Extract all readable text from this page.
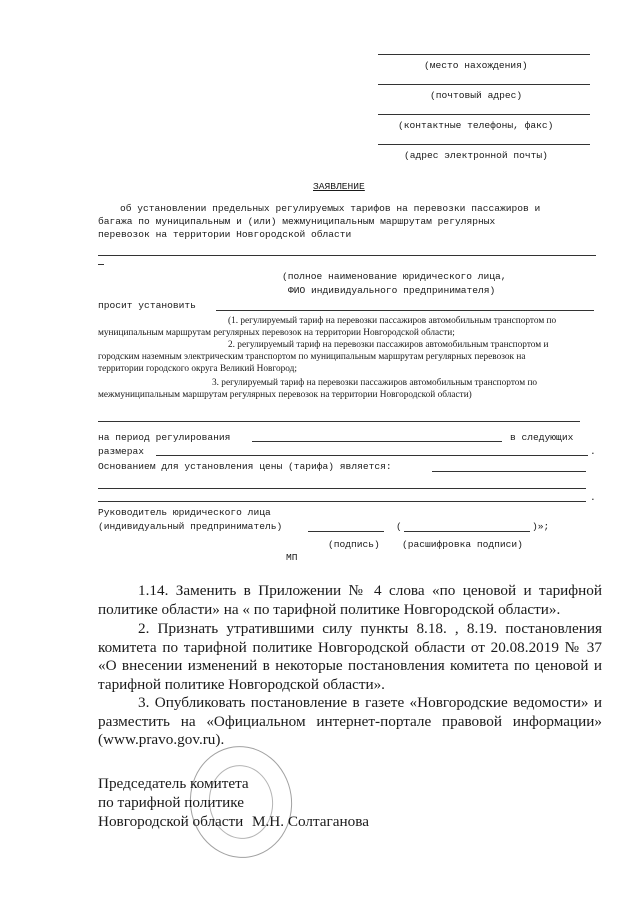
(место нахождения)
(почтовый адрес)
(контактные телефоны, факс)
(адрес электронной почты)
ЗАЯВЛЕНИЕ
об установлении предельных регулируемых тарифов на перевозки пассажиров и
багажа по муниципальным и (или) межмуниципальным маршрутам регулярных
перевозок на территории Новгородской области
(полное наименование юридического лица,
ФИО индивидуального предпринимателя)
просит установить
(1. регулируемый тариф на перевозки пассажиров автомобильным транспортом по
муниципальным маршрутам регулярных перевозок на территории Новгородской области;
2. регулируемый тариф на перевозки пассажиров автомобильным транспортом и
городским наземным электрическим транспортом по муниципальным маршрутам регулярных перевозок на
территории городского округа Великий Новгород;
3. регулируемый тариф на перевозки пассажиров автомобильным транспортом по
межмуниципальным маршрутам регулярных перевозок на территории Новгородской области)
на период регулирования	в следующих
размерах	.
Основанием для установления цены (тарифа) является:
.
Руководитель юридического лица
(индивидуальный предприниматель)	(	)»;
(подпись) (расшифровка подписи)
МП
1.14. Заменить в Приложении № 4 слова «по ценовой и тарифной политике области» на « по тарифной политике Новгородской области».
2. Признать утратившими силу пункты 8.18. , 8.19. постановления комитета по тарифной политике Новгородской области от 20.08.2019 № 37 «О внесении изменений в некоторые постановления комитета по ценовой и тарифной политике Новгородской области».
3. Опубликовать постановление в газете «Новгородские ведомости» и разместить на «Официальном интернет-портале правовой информации» (www.pravo.gov.ru).
Председатель комитета
по тарифной политике
Новгородской области М.Н. Солтаганова
